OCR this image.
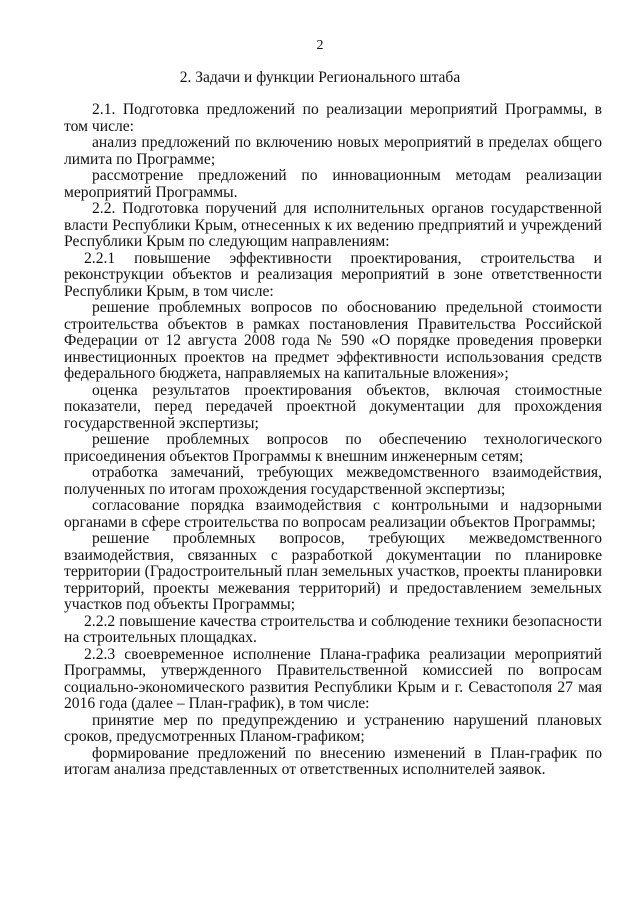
2
2. Задачи и функции Регионального штаба

2.1. Подготовка предложений по реализации мероприятий Программы, в том числе:

анализ предложений по включению новых мероприятий в пределах общего лимита по Программе;

рассмотрение предложений по инновационным методам реализации мероприятий Программы.

2.2. Подготовка поручений для исполнительных органов государственной власти Республики Крым, отнесенных к их ведению предприятий и учреждений Республики Крым по следующим направлениям:

2.2.1 повышение эффективности проектирования, строительства и реконструкции объектов и реализация мероприятий в зоне ответственности Республики Крым, в том числе:

решение проблемных вопросов по обоснованию предельной стоимости строительства объектов в рамках постановления Правительства Российской Федерации от 12 августа 2008 года № 590 «О порядке проведения проверки инвестиционных проектов на предмет эффективности использования средств федерального бюджета, направляемых на капитальные вложения»;

оценка результатов проектирования объектов, включая стоимостные показатели, перед передачей проектной документации для прохождения государственной экспертизы;

решение проблемных вопросов по обеспечению технологического присоединения объектов Программы к внешним инженерным сетям;

отработка замечаний, требующих межведомственного взаимодействия, полученных по итогам прохождения государственной экспертизы;

согласование порядка взаимодействия с контрольными и надзорными органами в сфере строительства по вопросам реализации объектов Программы;

решение проблемных вопросов, требующих межведомственного взаимодействия, связанных с разработкой документации по планировке территории (Градостроительный план земельных участков, проекты планировки территорий, проекты межевания территорий) и предоставлением земельных участков под объекты Программы;

2.2.2 повышение качества строительства и соблюдение техники безопасности на строительных площадках.

2.2.3 своевременное исполнение Плана-графика реализации мероприятий Программы, утвержденного Правительственной комиссией по вопросам социально-экономического развития Республики Крым и г. Севастополя 27 мая 2016 года (далее – План-график), в том числе:

принятие мер по предупреждению и устранению нарушений плановых сроков, предусмотренных Планом-графиком;

формирование предложений по внесению изменений в План-график по итогам анализа представленных от ответственных исполнителей заявок.
